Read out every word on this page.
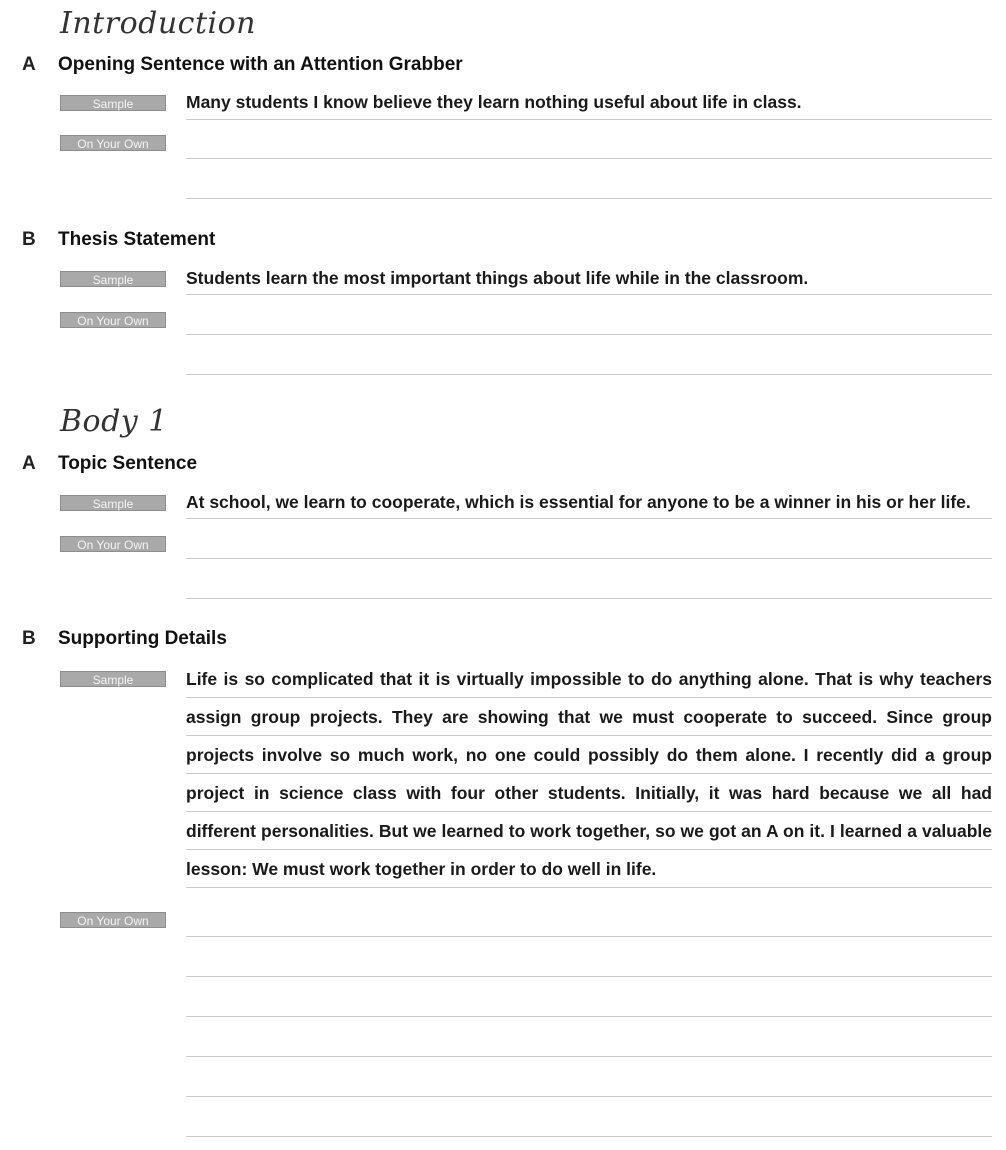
Introduction
A Opening Sentence with an Attention Grabber
Sample	Many students I know believe they learn nothing useful about life in class.
On Your Own
B Thesis Statement
Sample	Students learn the most important things about life while in the classroom.
On Your Own
Body 1
A Topic Sentence
Sample	At school, we learn to cooperate, which is essential for anyone to be a winner in his or her life.
On Your Own
B Supporting Details
Sample	Life is so complicated that it is virtually impossible to do anything alone. That is why teachers assign group projects. They are showing that we must cooperate to succeed. Since group projects involve so much work, no one could possibly do them alone. I recently did a group project in science class with four other students. Initially, it was hard because we all had different personalities. But we learned to work together, so we got an A on it. I learned a valuable lesson: We must work together in order to do well in life.

On Your Own
